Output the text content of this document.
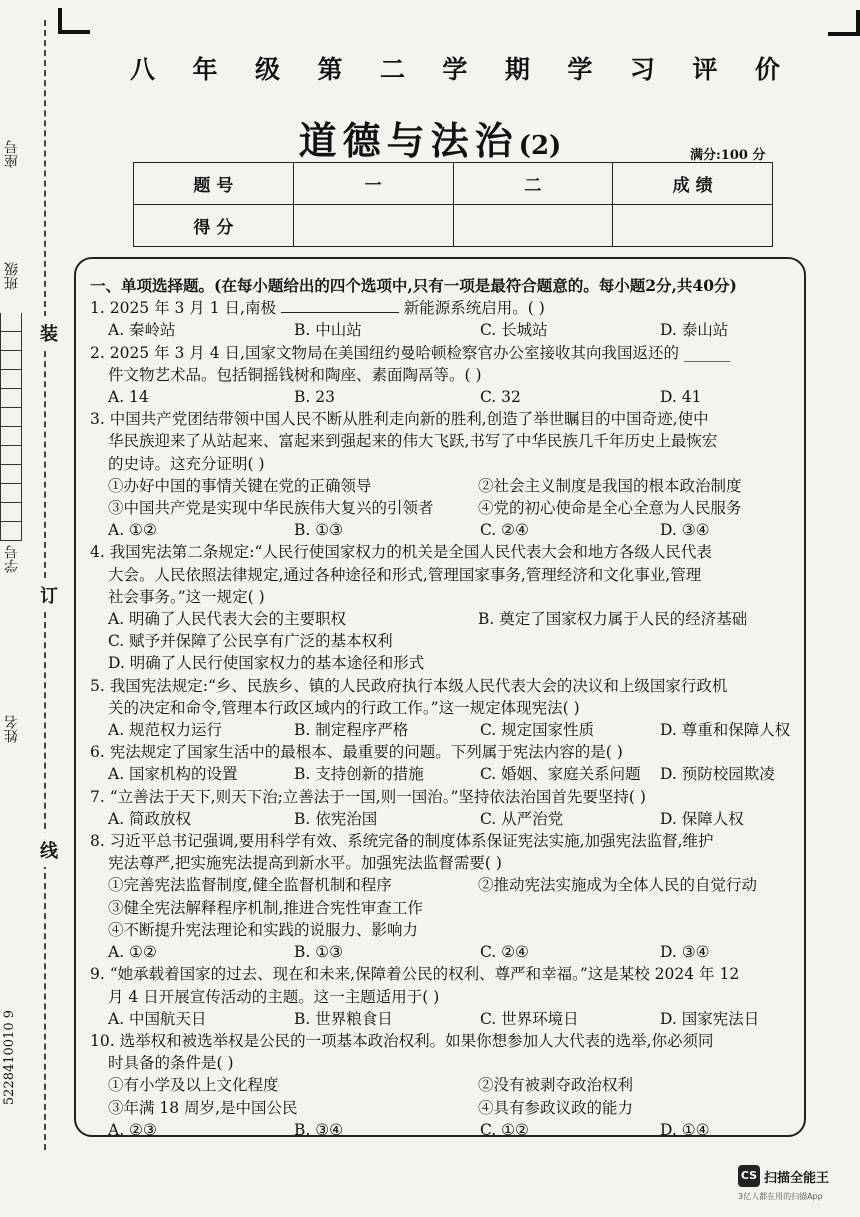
座号
班级
学号
姓名
装
订
线
5228410010 9
八 年 级 第 二 学 期 学 习 评 价
道德与法治(2)	满分:100 分
题 号	一	二	成 绩
得 分			
一、单项选择题。(在每小题给出的四个选项中,只有一项是最符合题意的。每小题2分,共40分)
1. 2025 年 3 月 1 日,南极	新能源系统启用。( )
A. 秦岭站	B. 中山站	C. 长城站	D. 泰山站
2. 2025 年 3 月 4 日,国家文物局在美国纽约曼哈顿检察官办公室接收其向我国返还的 ______
件文物艺术品。包括铜摇钱树和陶座、素面陶鬲等。( )
A. 14	B. 23	C. 32	D. 41
3. 中国共产党团结带领中国人民不断从胜利走向新的胜利,创造了举世瞩目的中国奇迹,使中
华民族迎来了从站起来、富起来到强起来的伟大飞跃,书写了中华民族几千年历史上最恢宏
的史诗。这充分证明( )
①办好中国的事情关键在党的正确领导	②社会主义制度是我国的根本政治制度
③中国共产党是实现中华民族伟大复兴的引领者	④党的初心使命是全心全意为人民服务
A. ①②	B. ①③	C. ②④	D. ③④
4. 我国宪法第二条规定:“人民行使国家权力的机关是全国人民代表大会和地方各级人民代表
大会。人民依照法律规定,通过各种途径和形式,管理国家事务,管理经济和文化事业,管理
社会事务。”这一规定( )
A. 明确了人民代表大会的主要职权	B. 奠定了国家权力属于人民的经济基础
C. 赋予并保障了公民享有广泛的基本权利
D. 明确了人民行使国家权力的基本途径和形式
5. 我国宪法规定:“乡、民族乡、镇的人民政府执行本级人民代表大会的决议和上级国家行政机
关的决定和命令,管理本行政区域内的行政工作。”这一规定体现宪法( )
A. 规范权力运行	B. 制定程序严格	C. 规定国家性质	D. 尊重和保障人权
6. 宪法规定了国家生活中的最根本、最重要的问题。下列属于宪法内容的是( )
A. 国家机构的设置	B. 支持创新的措施	C. 婚姻、家庭关系问题	D. 预防校园欺凌
7. “立善法于天下,则天下治;立善法于一国,则一国治。”坚持依法治国首先要坚持( )
A. 简政放权	B. 依宪治国	C. 从严治党	D. 保障人权
8. 习近平总书记强调,要用科学有效、系统完备的制度体系保证宪法实施,加强宪法监督,维护
宪法尊严,把实施宪法提高到新水平。加强宪法监督需要( )
①完善宪法监督制度,健全监督机制和程序	②推动宪法实施成为全体人民的自觉行动
③健全宪法解释程序机制,推进合宪性审查工作
④不断提升宪法理论和实践的说服力、影响力
A. ①②	B. ①③	C. ②④	D. ③④
9. “她承载着国家的过去、现在和未来,保障着公民的权利、尊严和幸福。”这是某校 2024 年 12
月 4 日开展宣传活动的主题。这一主题适用于( )
A. 中国航天日	B. 世界粮食日	C. 世界环境日	D. 国家宪法日
10. 选举权和被选举权是公民的一项基本政治权利。如果你想参加人大代表的选举,你必须同
时具备的条件是( )
①有小学及以上文化程度	②没有被剥夺政治权利
③年满 18 周岁,是中国公民	④具有参政议政的能力
A. ②③	B. ③④	C. ①②	D. ①④
CS 扫描全能王
3亿人都在用的扫描App
